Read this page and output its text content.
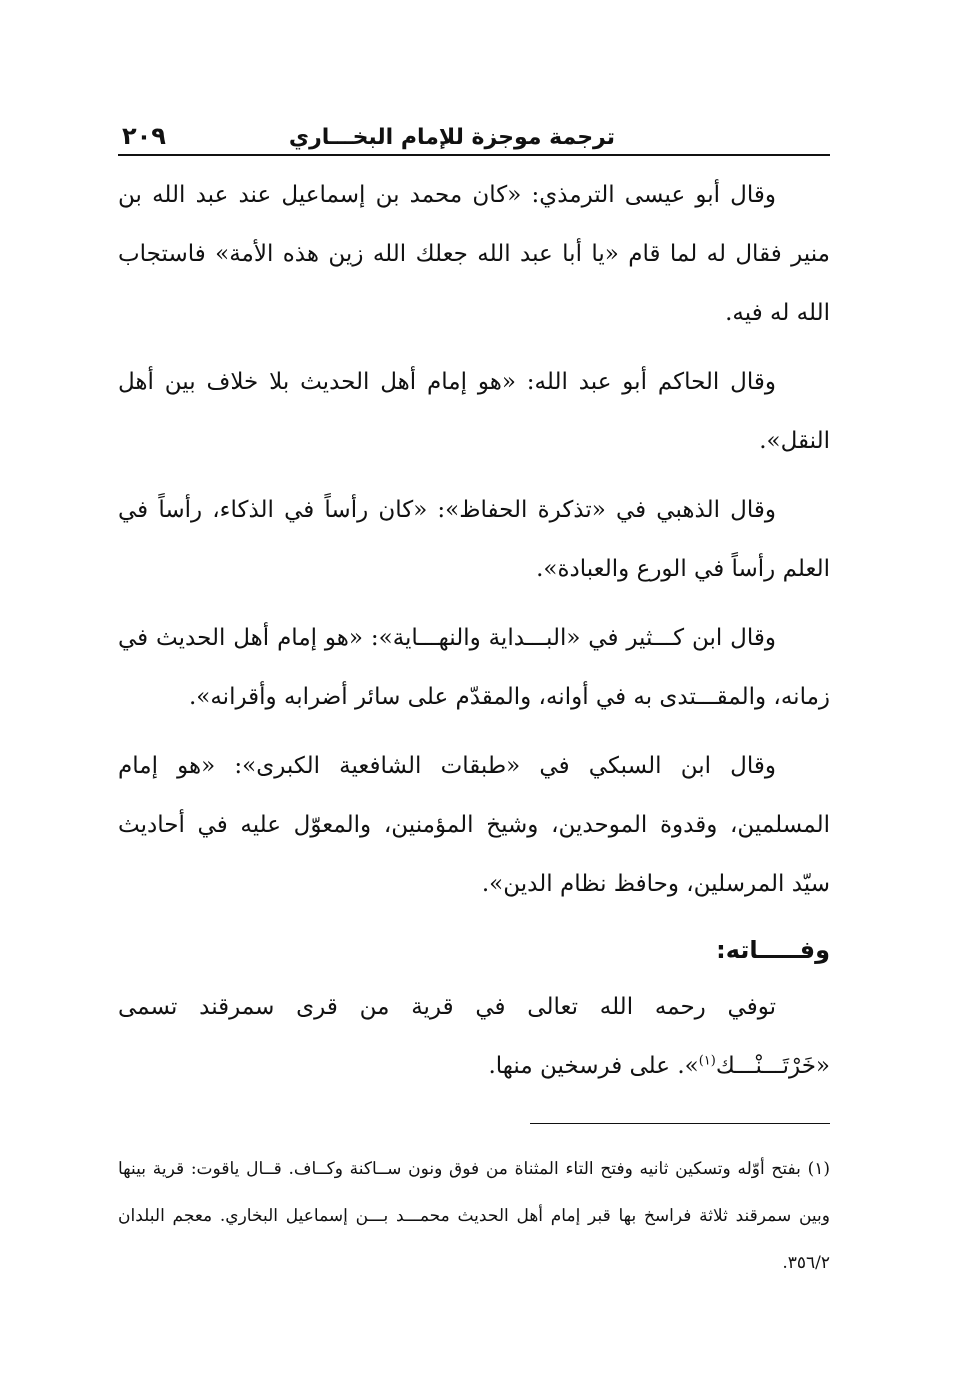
ترجمة موجزة للإمام البخـــاري
٢٠٩

وقال أبو عيسى الترمذي: «كان محمد بن إسماعيل عند عبد الله بن منير فقال له لما قام «يا أبا عبد الله جعلك الله زين هذه الأمة» فاستجاب الله له فيه.

وقال الحاكم أبو عبد الله: «هو إمام أهل الحديث بلا خلاف بين أهل النقل».

وقال الذهبي في «تذكرة الحفاظ»: «كان رأساً في الذكاء، رأساً في العلم رأساً في الورع والعبادة».

وقال ابن كـــثير في «البـــداية والنهـــاية»: «هو إمام أهل الحديث في زمانه، والمقـــتدى به في أوانه، والمقدّم على سائر أضرابه وأقرانه».

وقال ابن السبكي في «طبقات الشافعية الكبرى»: «هو إمام المسلمين، وقدوة الموحدين، وشيخ المؤمنين، والمعوّل عليه في أحاديث سيّد المرسلين، وحافظ نظام الدين».

وفـــــاته:

توفي رحمه الله تعالى في قرية من قرى سمرقند تسمى «خَرْتَـــنْـــك$^{(١)}$». على فرسخين منها.

(١) بفتح أوّله وتسكين ثانيه وفتح التاء المثناة من فوق ونون ســاكنة وكــاف. قــال ياقوت: قرية بينها وبين سمرقند ثلاثة فراسخ بها قبر إمام أهل الحديث محمـــد بـــن إسماعيل البخاري. معجم البلدان ٣٥٦/٢.
